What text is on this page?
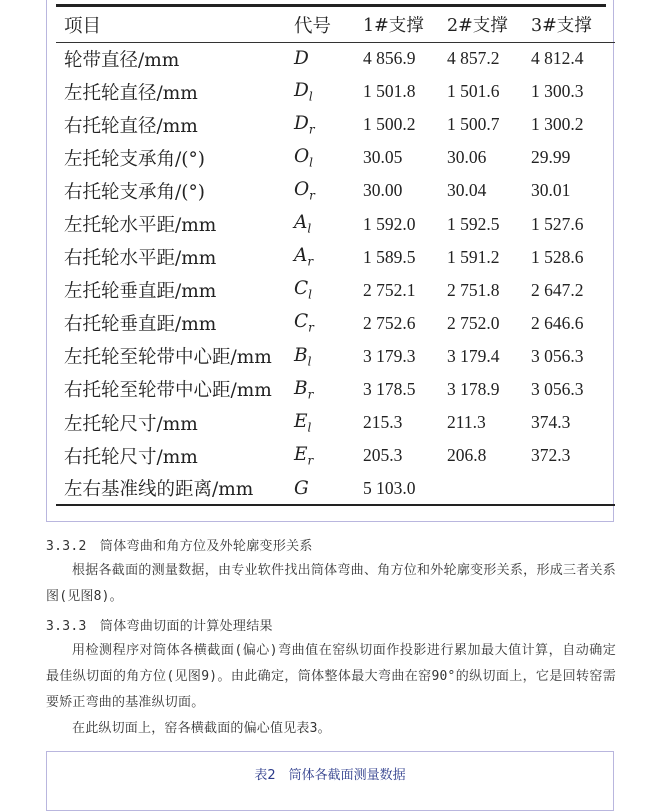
项目	代号	1#支撑	2#支撑	3#支撑
轮带直径/mm	D	4 856.9	4 857.2	4 812.4
左托轮直径/mm	$D_l$	1 501.8	1 501.6	1 300.3
右托轮直径/mm	$D_r$	1 500.2	1 500.7	1 300.2
左托轮支承角/(°)	$O_l$	30.05	30.06	29.99
右托轮支承角/(°)	$O_r$	30.00	30.04	30.01
左托轮水平距/mm	$A_l$	1 592.0	1 592.5	1 527.6
右托轮水平距/mm	$A_r$	1 589.5	1 591.2	1 528.6
左托轮垂直距/mm	$C_l$	2 752.1	2 751.8	2 647.2
右托轮垂直距/mm	$C_r$	2 752.6	2 752.0	2 646.6
左托轮至轮带中心距/mm	$B_l$	3 179.3	3 179.4	3 056.3
右托轮至轮带中心距/mm	$B_r$	3 178.5	3 178.9	3 056.3
左托轮尺寸/mm	$E_l$	215.3	211.3	374.3
右托轮尺寸/mm	$E_r$	205.3	206.8	372.3
左右基准线的距离/mm	G	5 103.0		
3.3.2　筒体弯曲和角方位及外轮廓变形关系
根据各截面的测量数据，由专业软件找出筒体弯曲、角方位和外轮廓变形关系，形成三者关系图(见图8)。
3.3.3　筒体弯曲切面的计算处理结果
用检测程序对筒体各横截面(偏心)弯曲值在窑纵切面作投影进行累加最大值计算，自动确定最佳纵切面的角方位(见图9)。由此确定，筒体整体最大弯曲在窑90°的纵切面上，它是回转窑需要矫正弯曲的基准纵切面。
在此纵切面上，窑各横截面的偏心值见表3。
表2　筒体各截面测量数据
